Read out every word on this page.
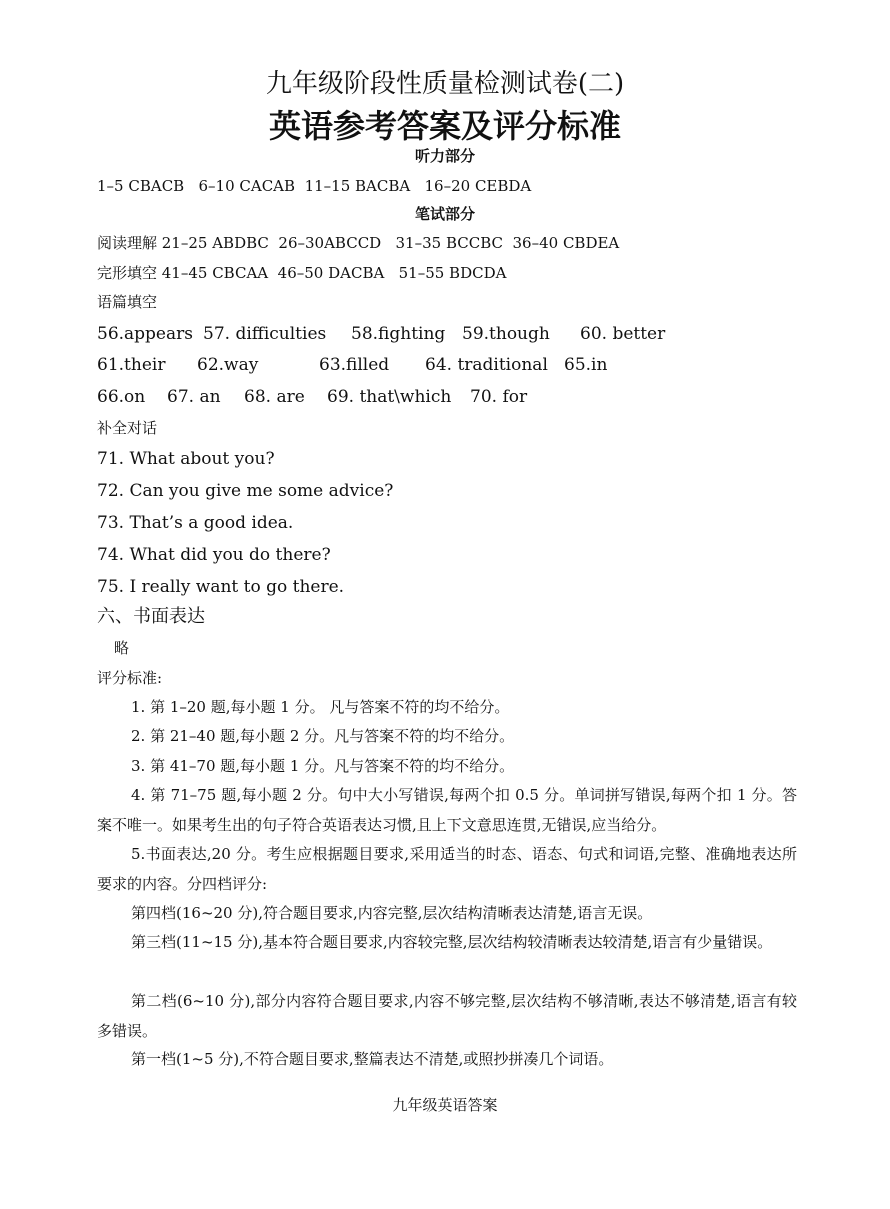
九年级阶段性质量检测试卷(二)
英语参考答案及评分标准
听力部分
1–5 CBACB   6–10 CACAB  11–15 BACBA   16–20 CEBDA
笔试部分
阅读理解 21–25 ABDBC  26–30ABCCD   31–35 BCCBC  36–40 CBDEA
完形填空 41–45 CBCAA  46–50 DACBA   51–55 BDCDA
语篇填空
56.appears 57. difficulties 58.fighting 59.though 60. better
61.their 62.way	63.filled 64. traditional 65.in
66.on 67. an 68. are 69. that\which 70. for
补全对话
71. What about you?
72. Can you give me some advice?
73. That’s a good idea.
74. What did you do there?
75. I really want to go there.
六、书面表达
略
评分标准:
1. 第 1–20 题,每小题 1 分。 凡与答案不符的均不给分。
2. 第 21–40 题,每小题 2 分。凡与答案不符的均不给分。
3. 第 41–70 题,每小题 1 分。凡与答案不符的均不给分。
4. 第 71–75 题,每小题 2 分。句中大小写错误,每两个扣 0.5 分。单词拼写错误,每两个扣 1 分。答案不唯一。如果考生出的句子符合英语表达习惯,且上下文意思连贯,无错误,应当给分。
5.书面表达,20 分。考生应根据题目要求,采用适当的时态、语态、句式和词语,完整、准确地表达所要求的内容。分四档评分:
第四档(16~20 分),符合题目要求,内容完整,层次结构清晰表达清楚,语言无误。
第三档(11~15 分),基本符合题目要求,内容较完整,层次结构较清晰表达较清楚,语言有少量错误。
第二档(6~10 分),部分内容符合题目要求,内容不够完整,层次结构不够清晰,表达不够清楚,语言有较多错误。
第一档(1~5 分),不符合题目要求,整篇表达不清楚,或照抄拼凑几个词语。
九年级英语答案
